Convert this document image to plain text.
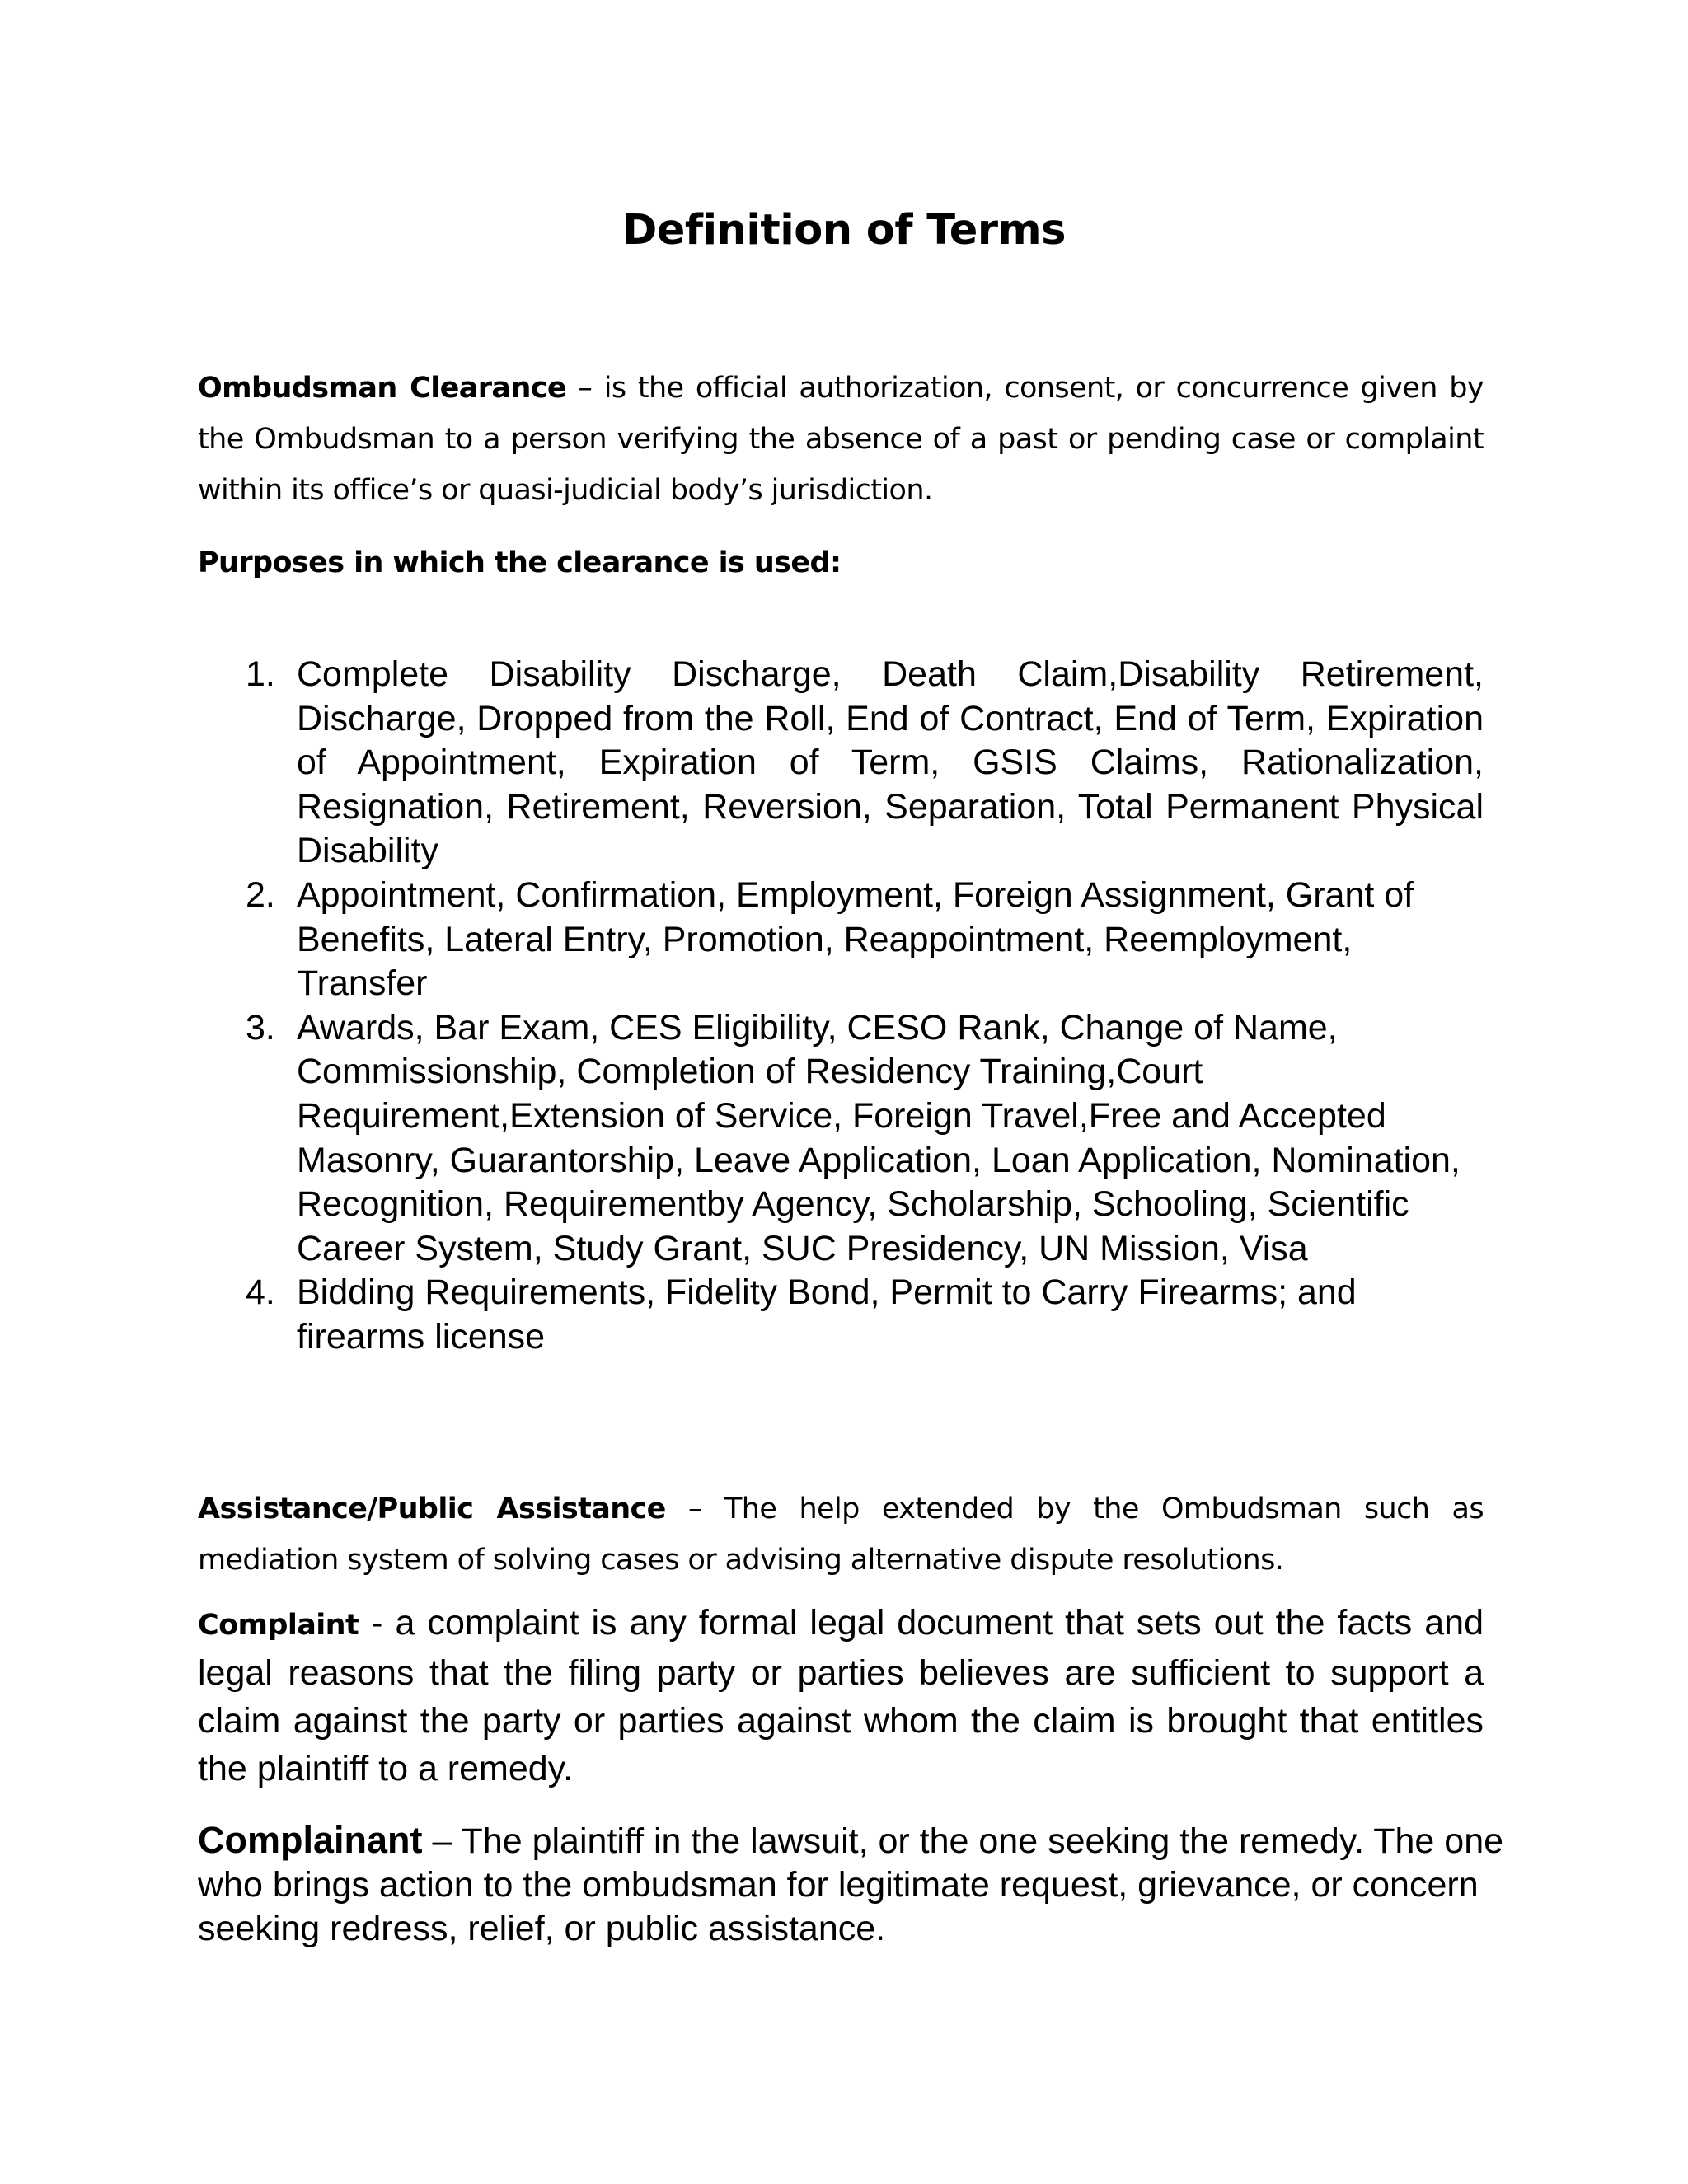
Definition of Terms

Ombudsman Clearance – is the official authorization, consent, or concurrence given by the Ombudsman to a person verifying the absence of a past or pending case or complaint within its office’s or quasi-judicial body’s jurisdiction.

Purposes in which the clearance is used:

1. Complete Disability Discharge, Death Claim,Disability Retirement, Discharge, Dropped from the Roll, End of Contract, End of Term, Expiration of Appointment, Expiration of Term, GSIS Claims, Rationalization, Resignation, Retirement, Reversion, Separation, Total Permanent Physical Disability
2. Appointment, Confirmation, Employment, Foreign Assignment, Grant of Benefits, Lateral Entry, Promotion, Reappointment, Reemployment, Transfer
3. Awards, Bar Exam, CES Eligibility, CESO Rank, Change of Name, Commissionship, Completion of Residency Training,Court Requirement,Extension of Service, Foreign Travel,Free and Accepted Masonry, Guarantorship, Leave Application, Loan Application, Nomination, Recognition, Requirementby Agency, Scholarship, Schooling, Scientific Career System, Study Grant, SUC Presidency, UN Mission, Visa
4. Bidding Requirements, Fidelity Bond, Permit to Carry Firearms; and firearms license

Assistance/Public Assistance – The help extended by the Ombudsman such as mediation system of solving cases or advising alternative dispute resolutions.

Complaint - a complaint is any formal legal document that sets out the facts and legal reasons that the filing party or parties believes are sufficient to support a claim against the party or parties against whom the claim is brought that entitles the plaintiff to a remedy.

Complainant – The plaintiff in the lawsuit, or the one seeking the remedy. The one who brings action to the ombudsman for legitimate request, grievance, or concern seeking redress, relief, or public assistance.
